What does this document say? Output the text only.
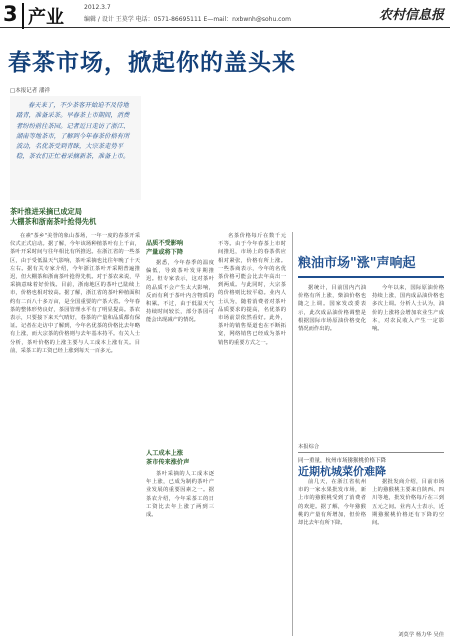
3 产业	2012.3.7
编辑 / 设计 王莫学 电话：0571-86695111 E—mail：nxbwnh@sohu.com	农村信息报
春茶市场，掀起你的盖头来
□本报记者 潘祥
春天来了，不少茶客开始迫不及待地踏青，准备采茶。早春茶上市期间，消费者纷纷前往茶园。记者近日走访了浙江、湖南等地茶市，了解到今年春茶价格有所波动，名优茶受到青睐，大宗茶走势平稳，茶农们正忙着采摘新茶，准备上市。
茶叶推进采摘已成定局
大棚茶和浙南茶叶抢得先机

在素"茶乡"美誉的象山茶场，一年一度的春茶开采仪式正式启动。据了解，今年该场种植茶叶有上千亩，茶叶开采时间与往年相比有所推迟。在浙江省的一些茶区，由于受低温天气影响，茶叶采摘也比往年晚了十天左右。据有关专家介绍，今年浙江茶叶开采期普遍推迟，但大棚茶和浙南茶叶抢得先机。对于茶农来说，早采摘意味着好价钱。目前，浙南地区的茶叶已陆续上市，价格也相对较高。据了解，浙江省的茶叶种植面积约有二百八十多万亩，是全国重要的产茶大省。今年春茶的整体形势良好，茶园管理水平有了明显提高。茶农表示，只要接下来天气晴好，春茶的产量和品质都有保证。记者在走访中了解到，今年名优茶的价格比去年略有上涨，而大宗茶的价格则与去年基本持平。有关人士分析，茶叶价格的上涨主要与人工成本上涨有关。目前，采茶工的工资已经上涨到每天一百多元。

品质不受影响
产量或将下降

据悉，今年春季的温度偏低，导致茶叶发芽期推迟。但专家表示，这对茶叶的品质不会产生太大影响，反而有利于茶叶内含物质的积累。不过，由于低温天气持续时间较长，部分茶园可能会出现减产的情况。

人工成本上涨
茶市传来涨价声

茶叶采摘的人工成本逐年上涨，已成为制约茶叶产业发展的重要因素之一。据茶农介绍，今年采茶工的日工资比去年上涨了两到三成。

名茶价格每斤在数千元不等。由于今年春茶上市时间推迟，市场上的春茶供应相对紧张，价格有所上涨。一些茶商表示，今年的名优茶价格可能会比去年高出一到两成。与此同时，大宗茶的价格则比较平稳。业内人士认为，随着消费者对茶叶品质要求的提高，名优茶的市场前景依然看好。此外，茶叶的销售渠道也在不断拓宽，网络销售已经成为茶叶销售的重要方式之一。

粮油市场"涨"声响起

据统计，目前国内汽油价格有所上涨，柴油价格也随之上调。国家发改委表示，此次成品油价格调整是根据国际市场原油价格变化情况而作出的。

今年以来，国际原油价格持续上涨，国内成品油价格也多次上调。分析人士认为，油价的上涨将会增加农业生产成本，对农民收入产生一定影响。

本报综合
同一重量，杭州市场猕猴桃价格下降
近期杭城菜价难降

前几天，在浙江省杭州市的一家水果批发市场，新上市的猕猴桃受到了消费者的欢迎。据了解，今年猕猴桃的产量有所增加，但价格却比去年有所下降。

据批发商介绍，目前市场上的猕猴桃主要来自陕西、四川等地，批发价格每斤在三到五元之间。业内人士表示，近期猕猴桃价格还有下降的空间。

刘莫学 杨力华 吴佳
